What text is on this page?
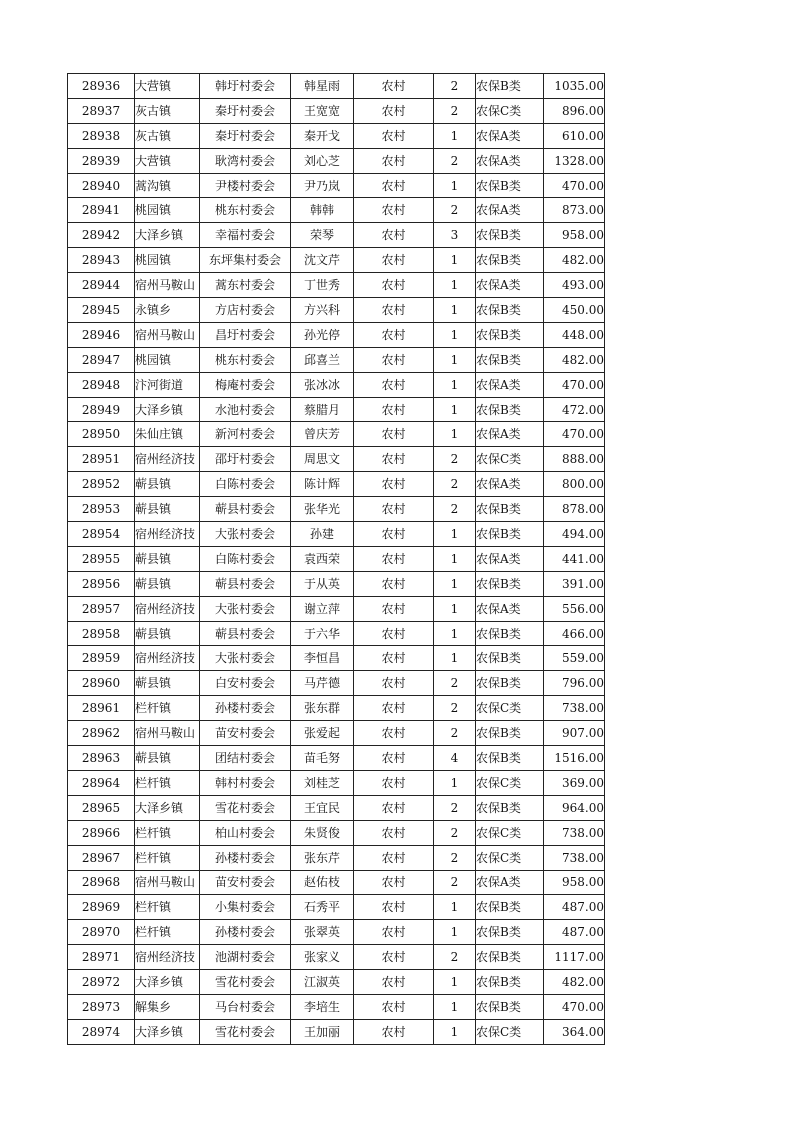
28936	大营镇	韩圩村委会	韩星雨	农村	2	农保B类	1035.00
28937	灰古镇	秦圩村委会	王宽宽	农村	2	农保C类	896.00
28938	灰古镇	秦圩村委会	秦开戈	农村	1	农保A类	610.00
28939	大营镇	耿湾村委会	刘心芝	农村	2	农保A类	1328.00
28940	蒿沟镇	尹楼村委会	尹乃岚	农村	1	农保B类	470.00
28941	桃园镇	桃东村委会	韩韩	农村	2	农保A类	873.00
28942	大泽乡镇	幸福村委会	荣琴	农村	3	农保B类	958.00
28943	桃园镇	东坪集村委会	沈文芹	农村	1	农保B类	482.00
28944	宿州马鞍山	蒿东村委会	丁世秀	农村	1	农保A类	493.00
28945	永镇乡	方店村委会	方兴科	农村	1	农保B类	450.00
28946	宿州马鞍山	昌圩村委会	孙光停	农村	1	农保B类	448.00
28947	桃园镇	桃东村委会	邱喜兰	农村	1	农保B类	482.00
28948	汴河街道	梅庵村委会	张冰冰	农村	1	农保A类	470.00
28949	大泽乡镇	水池村委会	蔡腊月	农村	1	农保B类	472.00
28950	朱仙庄镇	新河村委会	曾庆芳	农村	1	农保A类	470.00
28951	宿州经济技	邵圩村委会	周思文	农村	2	农保C类	888.00
28952	蕲县镇	白陈村委会	陈计辉	农村	2	农保A类	800.00
28953	蕲县镇	蕲县村委会	张华光	农村	2	农保B类	878.00
28954	宿州经济技	大张村委会	孙建	农村	1	农保B类	494.00
28955	蕲县镇	白陈村委会	袁西荣	农村	1	农保A类	441.00
28956	蕲县镇	蕲县村委会	于从英	农村	1	农保B类	391.00
28957	宿州经济技	大张村委会	谢立萍	农村	1	农保A类	556.00
28958	蕲县镇	蕲县村委会	于六华	农村	1	农保B类	466.00
28959	宿州经济技	大张村委会	李恒昌	农村	1	农保B类	559.00
28960	蕲县镇	白安村委会	马芹德	农村	2	农保B类	796.00
28961	栏杆镇	孙楼村委会	张东群	农村	2	农保C类	738.00
28962	宿州马鞍山	苗安村委会	张爱起	农村	2	农保B类	907.00
28963	蕲县镇	团结村委会	苗毛努	农村	4	农保B类	1516.00
28964	栏杆镇	韩村村委会	刘桂芝	农村	1	农保C类	369.00
28965	大泽乡镇	雪花村委会	王宜民	农村	2	农保B类	964.00
28966	栏杆镇	柏山村委会	朱贤俊	农村	2	农保C类	738.00
28967	栏杆镇	孙楼村委会	张东芹	农村	2	农保C类	738.00
28968	宿州马鞍山	苗安村委会	赵佑枝	农村	2	农保A类	958.00
28969	栏杆镇	小集村委会	石秀平	农村	1	农保B类	487.00
28970	栏杆镇	孙楼村委会	张翠英	农村	1	农保B类	487.00
28971	宿州经济技	池湖村委会	张家义	农村	2	农保B类	1117.00
28972	大泽乡镇	雪花村委会	江淑英	农村	1	农保B类	482.00
28973	解集乡	马台村委会	李培生	农村	1	农保B类	470.00
28974	大泽乡镇	雪花村委会	王加丽	农村	1	农保C类	364.00
